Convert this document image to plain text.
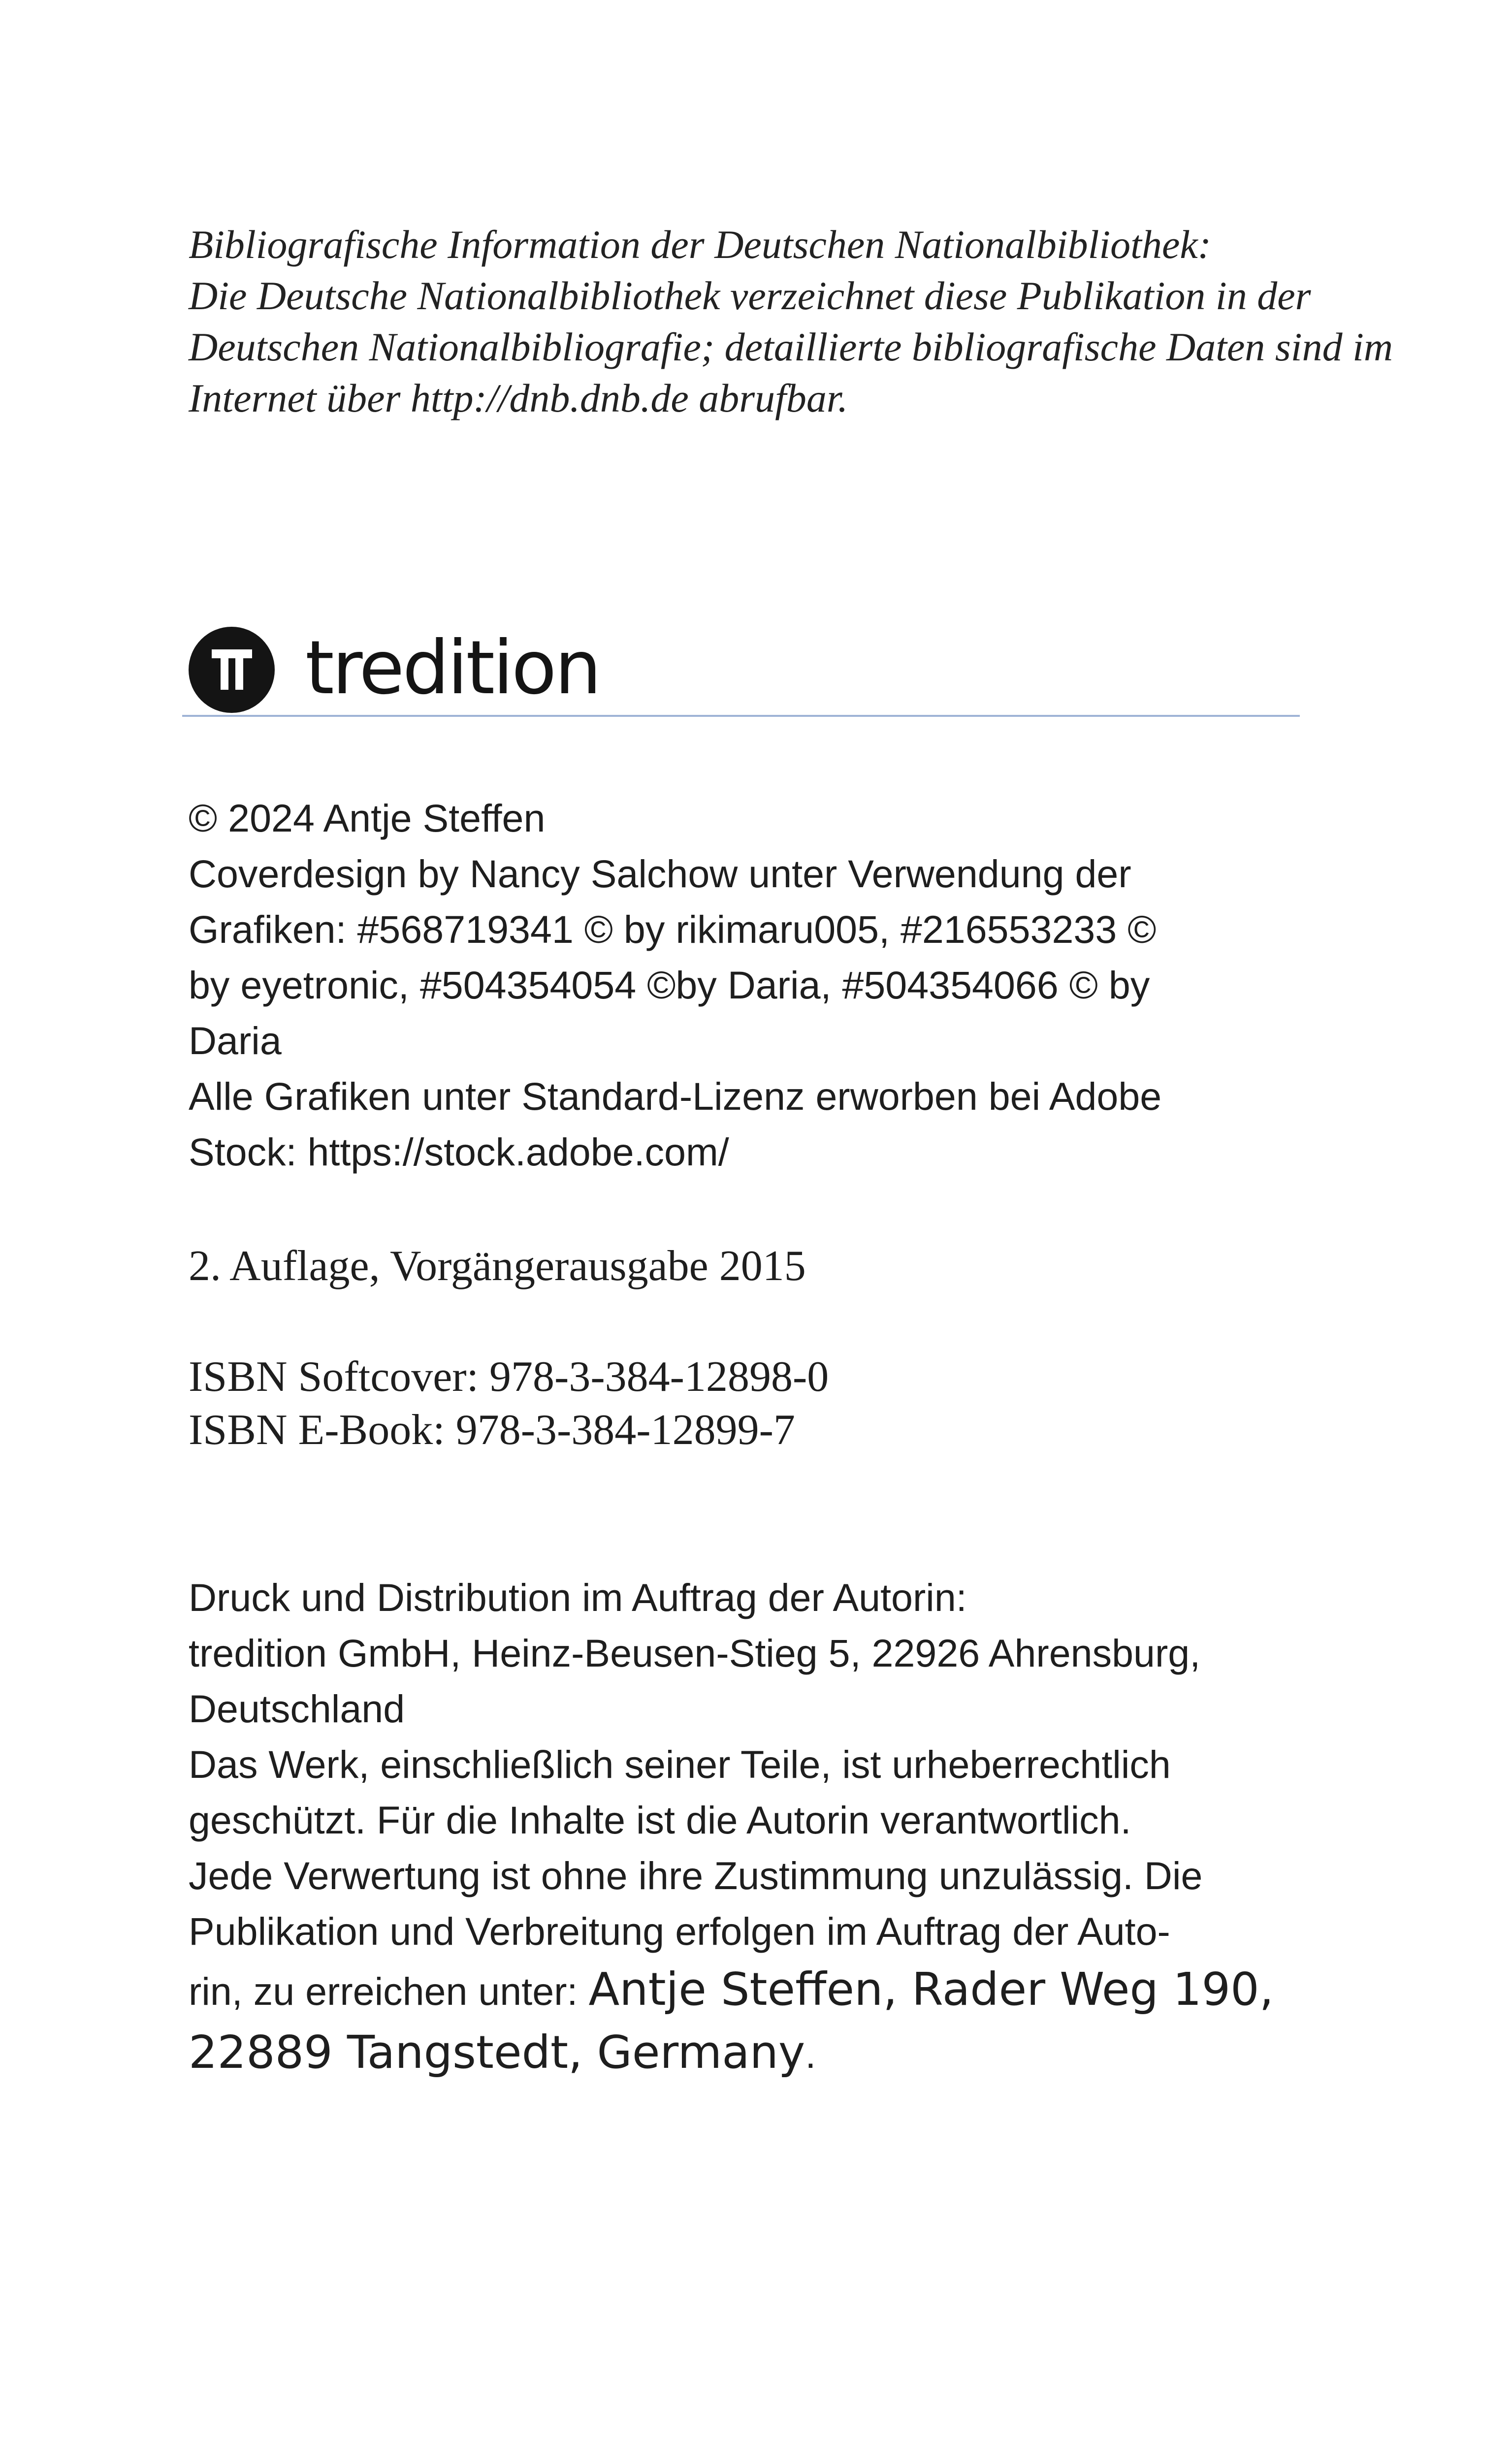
Bibliografische Information der Deutschen Nationalbibliothek:
Die Deutsche Nationalbibliothek verzeichnet diese Publikation in der
Deutschen Nationalbibliografie; detaillierte bibliografische Daten sind im
Internet über http://dnb.dnb.de abrufbar.
tredition
© 2024 Antje Steffen
Coverdesign by Nancy Salchow unter Verwendung der
Grafiken: #568719341 © by rikimaru005, #216553233 ©
by eyetronic, #504354054 ©by Daria, #504354066 © by
Daria
Alle Grafiken unter Standard-Lizenz erworben bei Adobe
Stock: https://stock.adobe.com/
2. Auflage, Vorgängerausgabe 2015
ISBN Softcover: 978-3-384-12898-0
ISBN E-Book: 978-3-384-12899-7
Druck und Distribution im Auftrag der Autorin:
tredition GmbH, Heinz-Beusen-Stieg 5, 22926 Ahrensburg,
Deutschland
Das Werk, einschließlich seiner Teile, ist urheberrechtlich
geschützt. Für die Inhalte ist die Autorin verantwortlich.
Jede Verwertung ist ohne ihre Zustimmung unzulässig. Die
Publikation und Verbreitung erfolgen im Auftrag der Auto-
rin, zu erreichen unter: Antje Steffen, Rader Weg 190,
22889 Tangstedt, Germany.
